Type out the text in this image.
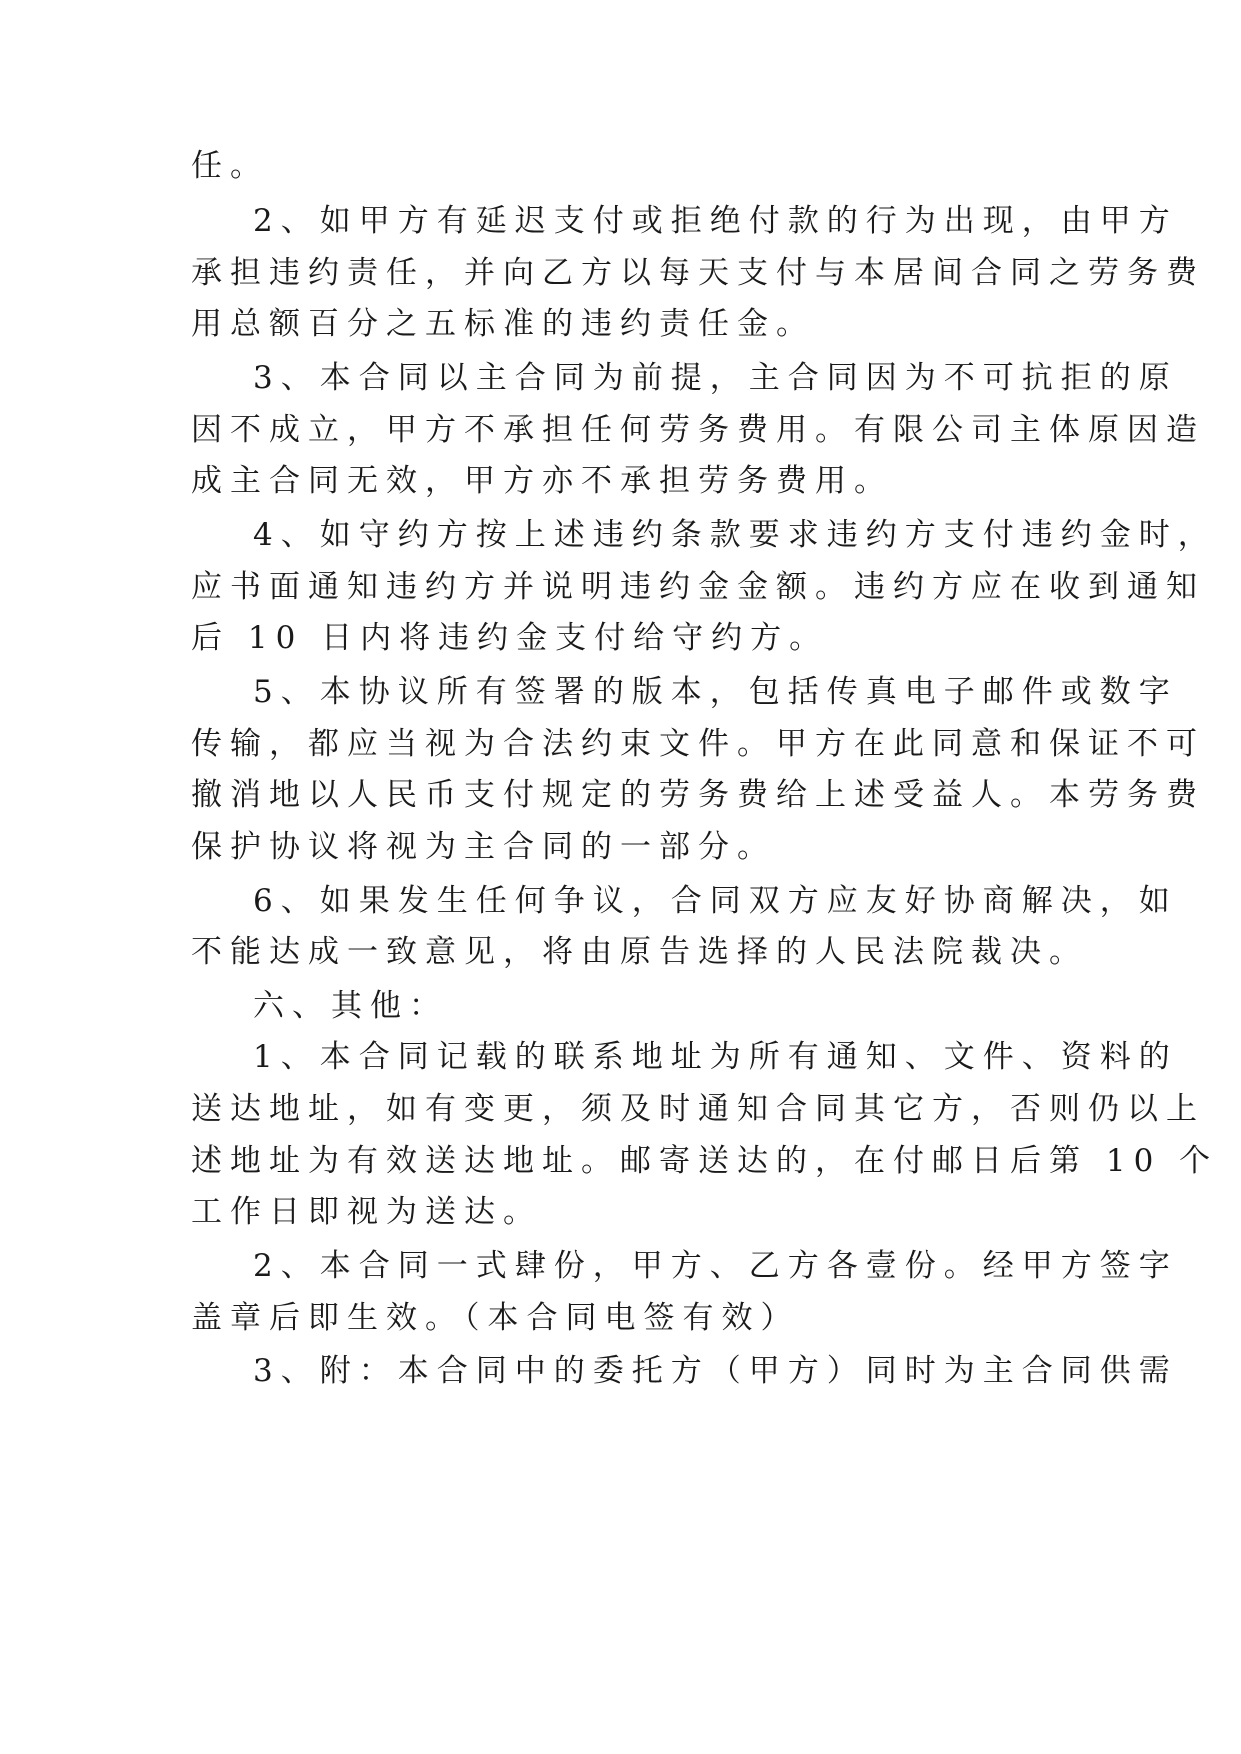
任。
2、如甲方有延迟支付或拒绝付款的行为出现，由甲方
承担违约责任，并向乙方以每天支付与本居间合同之劳务费
用总额百分之五标准的违约责任金。
3、本合同以主合同为前提，主合同因为不可抗拒的原
因不成立，甲方不承担任何劳务费用。有限公司主体原因造
成主合同无效，甲方亦不承担劳务费用。
4、如守约方按上述违约条款要求违约方支付违约金时，
应书面通知违约方并说明违约金金额。违约方应在收到通知
后 10 日内将违约金支付给守约方。
5、本协议所有签署的版本，包括传真电子邮件或数字
传输，都应当视为合法约束文件。甲方在此同意和保证不可
撤消地以人民币支付规定的劳务费给上述受益人。本劳务费
保护协议将视为主合同的一部分。
6、如果发生任何争议，合同双方应友好协商解决，如
不能达成一致意见，将由原告选择的人民法院裁决。
六、其他：
1、本合同记载的联系地址为所有通知、文件、资料的
送达地址，如有变更，须及时通知合同其它方，否则仍以上
述地址为有效送达地址。邮寄送达的，在付邮日后第 10 个
工作日即视为送达。
2、本合同一式肆份，甲方、乙方各壹份。经甲方签字
盖章后即生效。（本合同电签有效）
3、附：本合同中的委托方（甲方）同时为主合同供需
